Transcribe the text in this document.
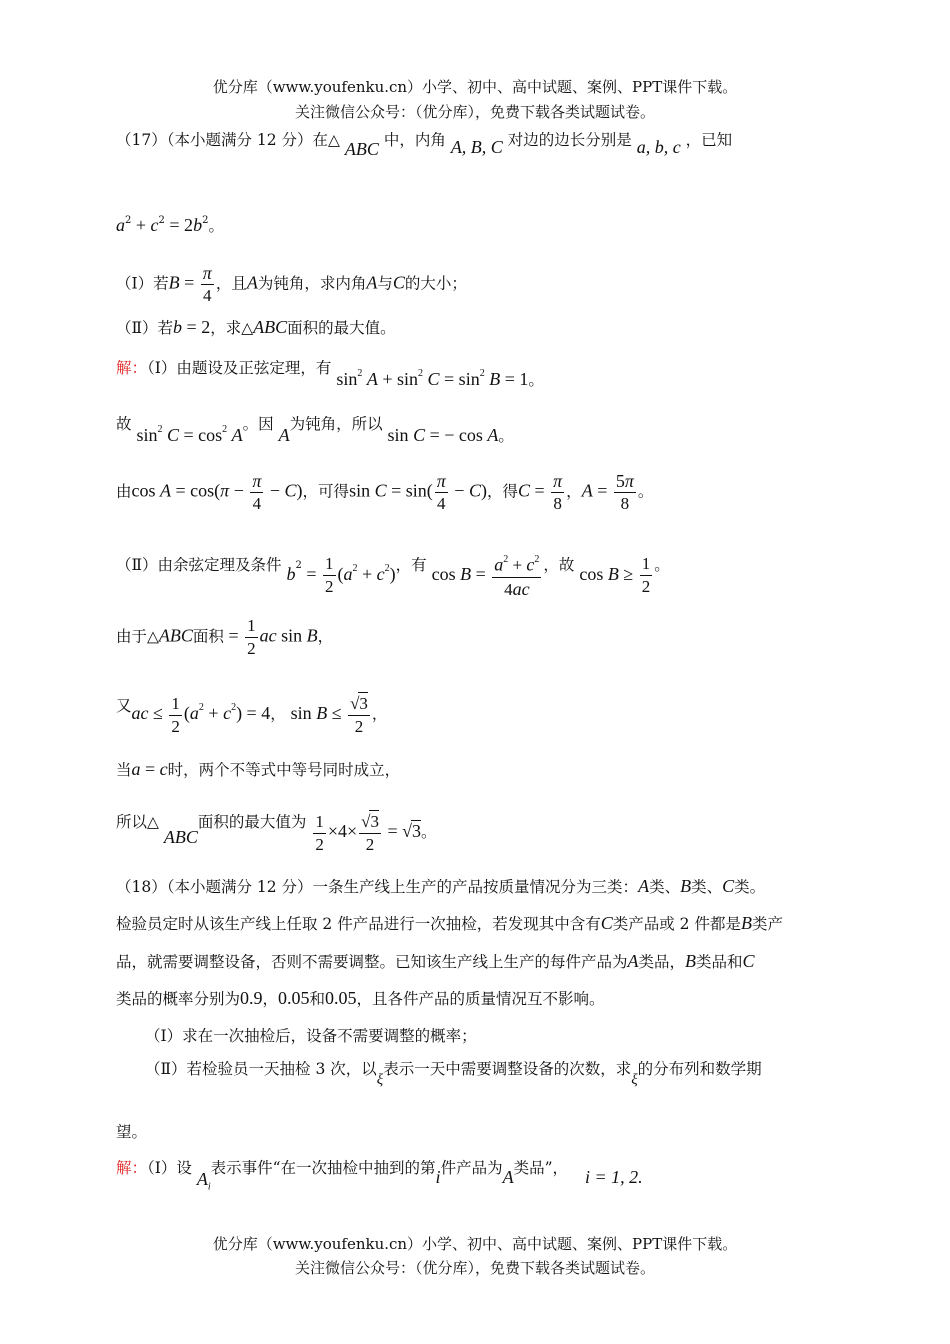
优分库（www.youfenku.cn）小学、初中、高中试题、案例、PPT课件下载。
关注微信公众号：（优分库），免费下载各类试题试卷。
（17）（本小题满分 12 分）在△ ABC 中，内角 A, B, C 对边的边长分别是 a, b, c ，已知
$a^2 + c^2 = 2b^2$。
（Ⅰ）若$B = \frac{\pi}{4}$ ，且A为钝角，求内角A与C的大小；
（Ⅱ）若b = 2，求△ABC面积的最大值。
解：（Ⅰ）由题设及正弦定理，有 $\sin^2 A + \sin^2 C = \sin^2 B = 1$。
故 $\sin^2 C = \cos^2 A$。因 A为钝角，所以 sin C = − cos A。
由$\cos A = \cos(\pi - \frac{\pi}{4} - C)$，可得$\sin C = \sin( \frac{\pi}{4} - C)$，得$C = \frac{\pi}{8}$ ，$A = \frac{5\pi}{8}$ 。
（Ⅱ）由余弦定理及条件 $b^2 = \frac{1}{2} (a^2 + c^2)$，有 $\cos B = \frac{a^2 + c^2}{4ac}$ ，故 $\cos B \ge \frac{1}{2}$ 。
由于△ABC面积 = $\frac{1}{2}$ ac sin B，
又ac ≤ $\frac{1}{2} (a^2 + c^2) = 4$， $\sin B \le \frac{√3}{2}$ ，
当a = c时，两个不等式中等号同时成立，
所以△ ABC面积的最大值为 $\frac{1}{2} \times 4\times \frac{√3}{2} = √3$。
（18）（本小题满分 12 分）一条生产线上生产的产品按质量情况分为三类：A类、B类、C类。
检验员定时从该生产线上任取 2 件产品进行一次抽检，若发现其中含有C类产品或 2 件都是B类产
品，就需要调整设备，否则不需要调整。已知该生产线上生产的每件产品为A类品，B类品和C
类品的概率分别为0.9，0.05和0.05，且各件产品的质量情况互不影响。
（Ⅰ）求在一次抽检后，设备不需要调整的概率；
（Ⅱ）若检验员一天抽检 3 次，以ξ表示一天中需要调整设备的次数，求ξ的分布列和数学期
望。
解：（Ⅰ）设 $A_i$表示事件“在一次抽检中抽到的第i件产品为A类品”， i = 1, 2.
优分库（www.youfenku.cn）小学、初中、高中试题、案例、PPT课件下载。
关注微信公众号：（优分库），免费下载各类试题试卷。
